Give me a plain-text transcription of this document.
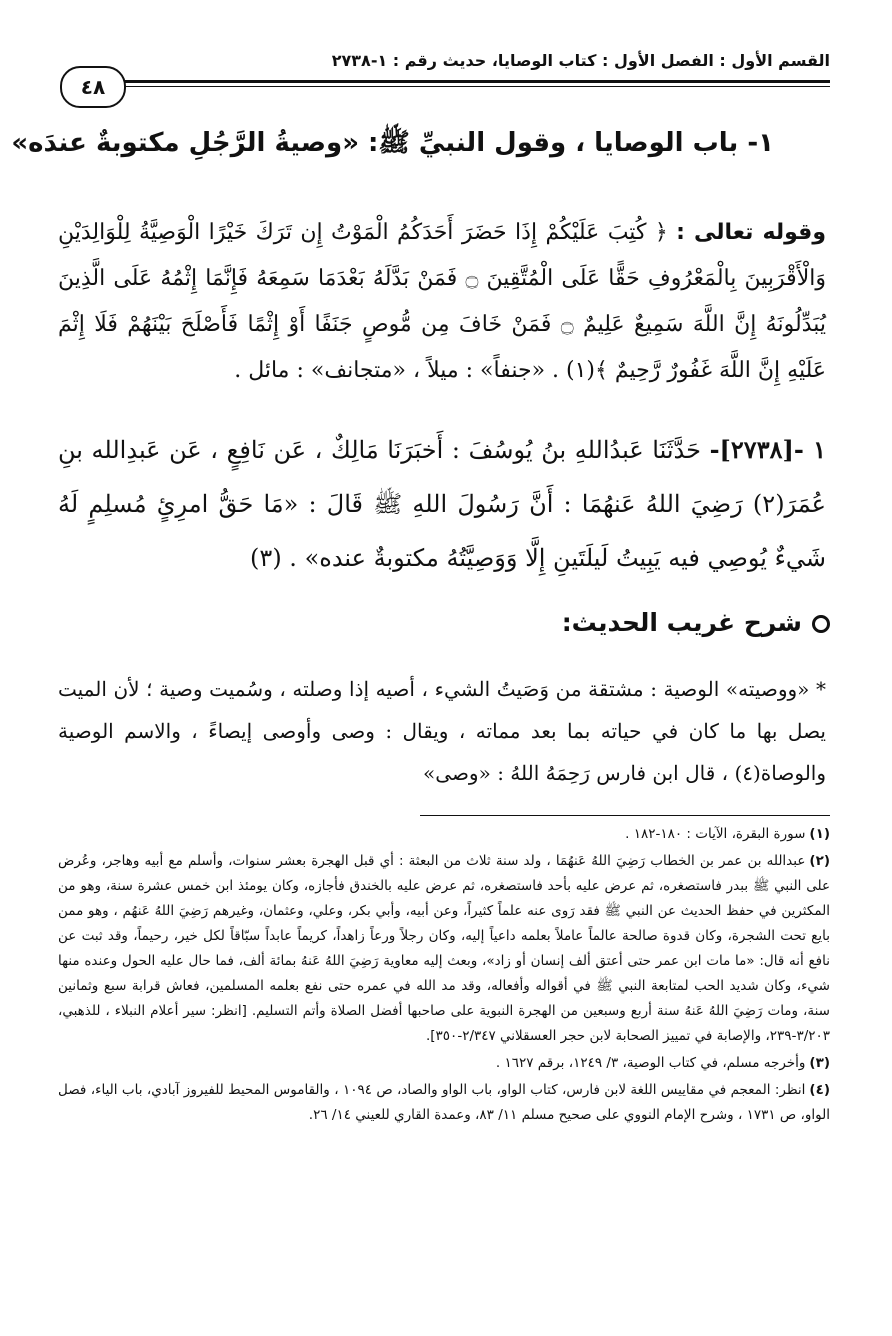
القسم الأول : الفصل الأول : كتاب الوصايا، حديث رقم : ١-٢٧٣٨
٤٨
١- باب الوصايا ، وقول النبيِّ ﷺ: «وصيةُ الرَّجُلِ مكتوبةٌ عندَه»
وقوله تعالى : ﴿ كُتِبَ عَلَيْكُمْ إِذَا حَضَرَ أَحَدَكُمُ الْمَوْتُ إِن تَرَكَ خَيْرًا الْوَصِيَّةُ لِلْوَالِدَيْنِ وَالْأَقْرَبِينَ بِالْمَعْرُوفِ حَقًّا عَلَى الْمُتَّقِينَ ۝ فَمَنْ بَدَّلَهُ بَعْدَمَا سَمِعَهُ فَإِنَّمَا إِثْمُهُ عَلَى الَّذِينَ يُبَدِّلُونَهُ إِنَّ اللَّهَ سَمِيعٌ عَلِيمٌ ۝ فَمَنْ خَافَ مِن مُّوصٍ جَنَفًا أَوْ إِثْمًا فَأَصْلَحَ بَيْنَهُمْ فَلَا إِثْمَ عَلَيْهِ إِنَّ اللَّهَ غَفُورٌ رَّحِيمٌ ﴾(١) . «جنفاً» : ميلاً ، «متجانف» : مائل .
١ -[٢٧٣٨]- حَدَّثَنَا عَبدُاللهِ بنُ يُوسُفَ : أَخبَرَنَا مَالِكٌ ، عَن نَافِعٍ ، عَن عَبدِالله بنِ عُمَرَ(٢) رَضِيَ اللهُ عَنهُمَا : أَنَّ رَسُولَ اللهِ ﷺ قَالَ : «مَا حَقُّ امرِئٍ مُسلِمٍ لَهُ شَيءٌ يُوصِي فيه يَبِيتُ لَيلَتَينِ إِلَّا وَوَصِيَّتُهُ مكتوبةٌ عنده» . (٣)
شرح غريب الحديث:
* «ووصيته» الوصية : مشتقة من وَصَيتُ الشيء ، أصيه إذا وصلته ، وسُميت وصية ؛ لأن الميت يصل بها ما كان في حياته بما بعد مماته ، ويقال : وصى وأوصى إيصاءً ، والاسم الوصية والوصاة(٤) ، قال ابن فارس رَحِمَهُ اللهُ : «وصى»

(١)سورة البقرة، الآيات : ١٨٠-١٨٢ .

(٢)عبدالله بن عمر بن الخطاب رَضِيَ اللهُ عَنهُمَا ، ولد سنة ثلاث من البعثة : أي قبل الهجرة بعشر سنوات، وأسلم مع أبيه وهاجر، وعُرض على النبي ﷺ ببدر فاستصغره، ثم عرض عليه بأحد فاستصغره، ثم عرض عليه بالخندق فأجازه، وكان يومئذ ابن خمس عشرة سنة، وهو من المكثرين في حفظ الحديث عن النبي ﷺ فقد رَوى عنه علماً كثيراً، وعن أبيه، وأبي بكر، وعلي، وعثمان، وغيرهم رَضِيَ اللهُ عَنهُم ، وهو ممن بايع تحت الشجرة، وكان قدوة صالحة عالماً عاملاً بعلمه داعياً إليه، وكان رجلاً ورعاً زاهداً، كريماً عابداً سبّاقاً لكل خير، رحيماً، وقد ثبت عن نافع أنه قال: «ما مات ابن عمر حتى أعتق ألف إنسان أو زاد»، وبعث إليه معاوية رَضِيَ اللهُ عَنهُ بمائة ألف، فما حال عليه الحول وعنده منها شيء، وكان شديد الحب لمتابعة النبي ﷺ في أقواله وأفعاله، وقد مد الله في عمره حتى نفع بعلمه المسلمين، فعاش قرابة سبع وثمانين سنة، ومات رَضِيَ اللهُ عَنهُ سنة أربع وسبعين من الهجرة النبوية على صاحبها أفضل الصلاة وأتم التسليم. [انظر: سير أعلام النبلاء ، للذهبي، ٣/٢٠٣-٢٣٩، والإصابة في تمييز الصحابة لابن حجر العسقلاني ٢/٣٤٧-٣٥٠].

(٣)وأخرجه مسلم، في كتاب الوصية، ٣/ ١٢٤٩، برقم ١٦٢٧ .

(٤)انظر: المعجم في مقاييس اللغة لابن فارس، كتاب الواو، باب الواو والصاد، ص ١٠٩٤ ، والقاموس المحيط للفيروز آبادي، باب الياء، فصل الواو، ص ١٧٣١ ، وشرح الإمام النووي على صحيح مسلم ١١/ ٨٣، وعمدة القاري للعيني ١٤/ ٢٦.
